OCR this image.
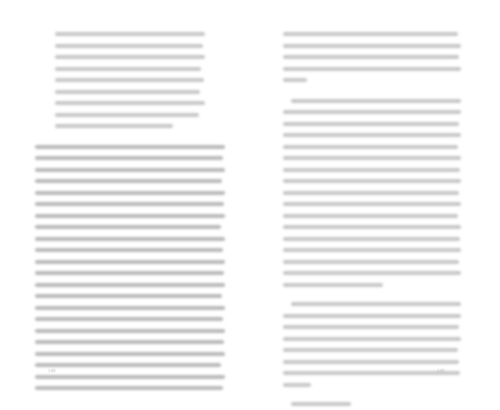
148	149
